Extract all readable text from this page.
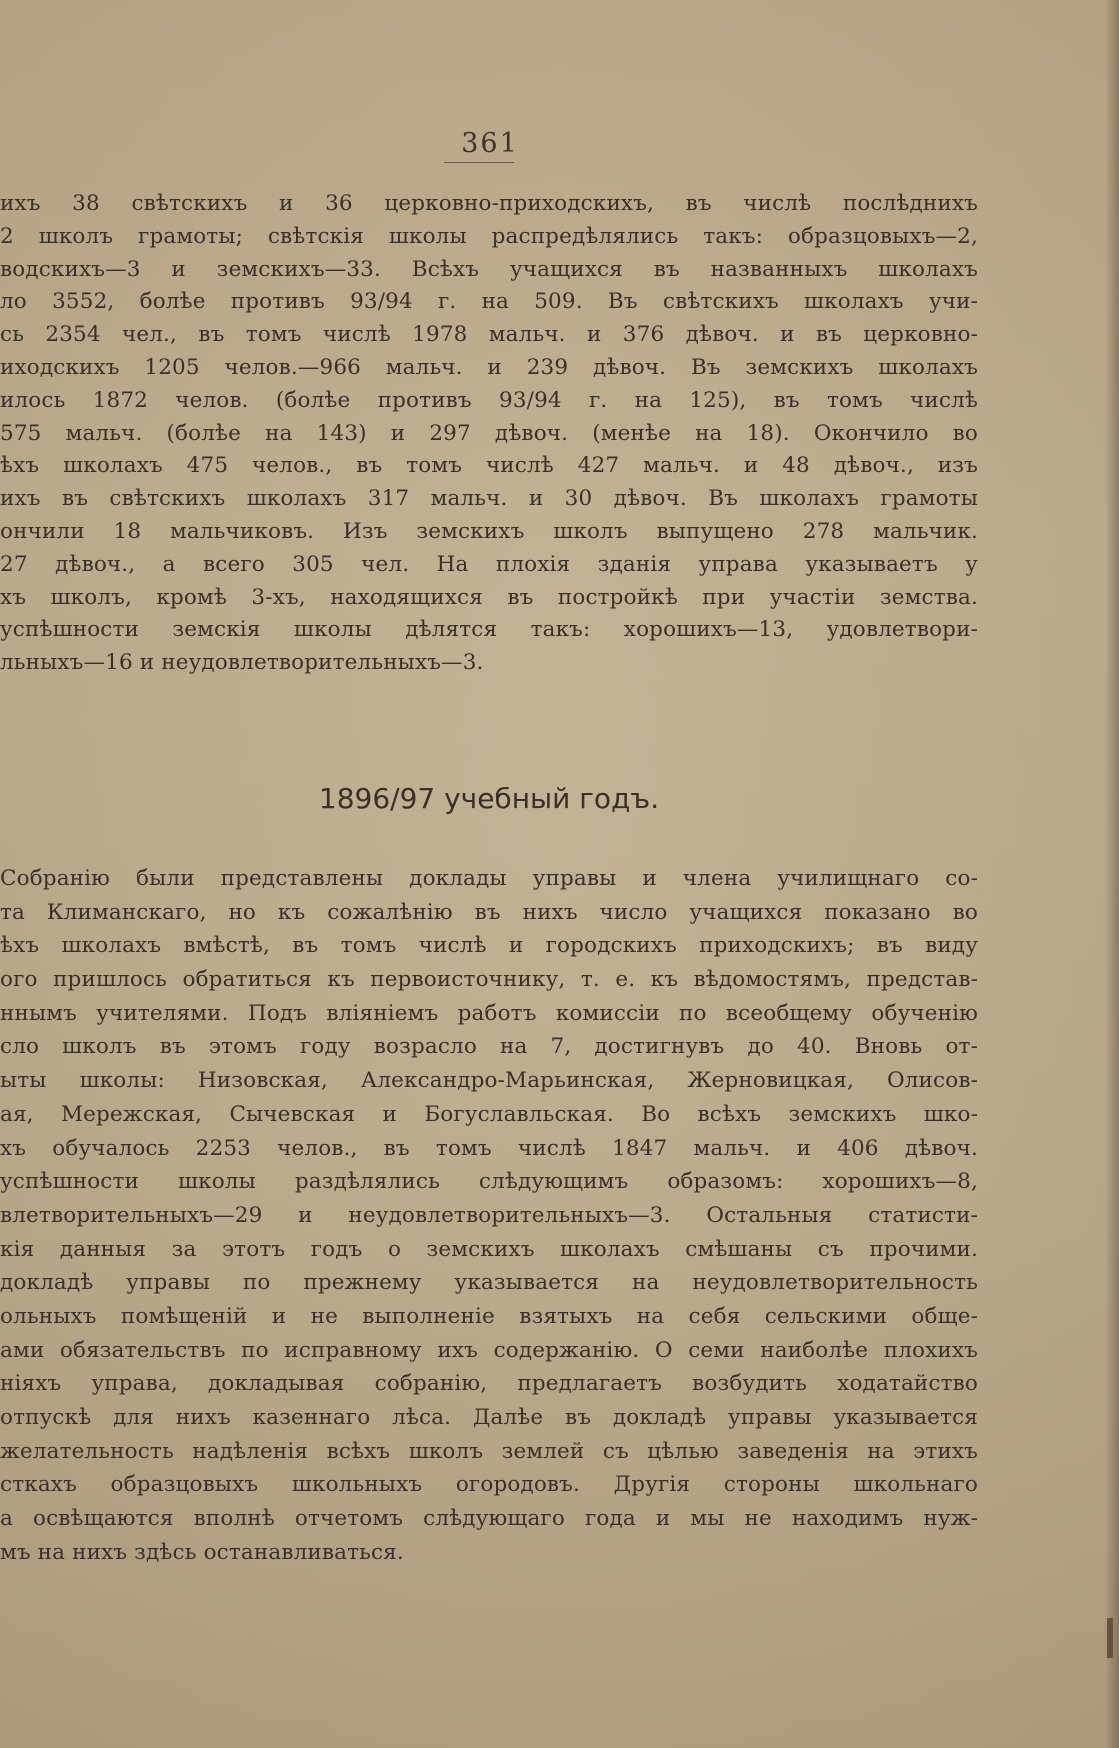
361
ихъ 38 свѣтскихъ и 36 церковно-приходскихъ, въ числѣ послѣднихъ
2 школъ грамоты; свѣтскія школы распредѣлялись такъ: образцовыхъ—2,
водскихъ—3 и земскихъ—33. Всѣхъ учащихся въ названныхъ школахъ
ло 3552, болѣе противъ 93/94 г. на 509. Въ свѣтскихъ школахъ учи-
сь 2354 чел., въ томъ числѣ 1978 мальч. и 376 дѣвоч. и въ церковно-
иходскихъ 1205 челов.—966 мальч. и 239 дѣвоч. Въ земскихъ школахъ
илось 1872 челов. (болѣе противъ 93/94 г. на 125), въ томъ числѣ
575 мальч. (болѣе на 143) и 297 дѣвоч. (менѣе на 18). Окончило во
ѣхъ школахъ 475 челов., въ томъ числѣ 427 мальч. и 48 дѣвоч., изъ
ихъ въ свѣтскихъ школахъ 317 мальч. и 30 дѣвоч. Въ школахъ грамоты
ончили 18 мальчиковъ. Изъ земскихъ школъ выпущено 278 мальчик.
27 дѣвоч., а всего 305 чел. На плохія зданія управа указываетъ у
хъ школъ, кромѣ 3-хъ, находящихся въ постройкѣ при участіи земства.
успѣшности земскія школы дѣлятся такъ: хорошихъ—13, удовлетвори-
льныхъ—16 и неудовлетворительныхъ—3.
1896/97 учебный годъ.
Собранію были представлены доклады управы и члена училищнаго со-
та Климанскаго, но къ сожалѣнію въ нихъ число учащихся показано во
ѣхъ школахъ вмѣстѣ, въ томъ числѣ и городскихъ приходскихъ; въ виду
ого пришлось обратиться къ первоисточнику, т. е. къ вѣдомостямъ, представ-
ннымъ учителями. Подъ вліяніемъ работъ комиссіи по всеобщему обученію
сло школъ въ этомъ году возрасло на 7, достигнувъ до 40. Вновь от-
ыты школы: Низовская, Александро-Марьинская, Жерновицкая, Олисов-
ая, Мережская, Сычевская и Богуславльская. Во всѣхъ земскихъ шко-
хъ обучалось 2253 челов., въ томъ числѣ 1847 мальч. и 406 дѣвоч.
успѣшности школы раздѣлялись слѣдующимъ образомъ: хорошихъ—8,
влетворительныхъ—29 и неудовлетворительныхъ—3. Остальныя статисти-
кія данныя за этотъ годъ о земскихъ школахъ смѣшаны съ прочими.
докладѣ управы по прежнему указывается на неудовлетворительность
ольныхъ помѣщеній и не выполненіе взятыхъ на себя сельскими обще-
ами обязательствъ по исправному ихъ содержанію. О семи наиболѣе плохихъ
ніяхъ управа, докладывая собранію, предлагаетъ возбудить ходатайство
отпускѣ для нихъ казеннаго лѣса. Далѣе въ докладѣ управы указывается
желательность надѣленія всѣхъ школъ землей съ цѣлью заведенія на этихъ
сткахъ образцовыхъ школьныхъ огородовъ. Другія стороны школьнаго
а освѣщаются вполнѣ отчетомъ слѣдующаго года и мы не находимъ нуж-
мъ на нихъ здѣсь останавливаться.
